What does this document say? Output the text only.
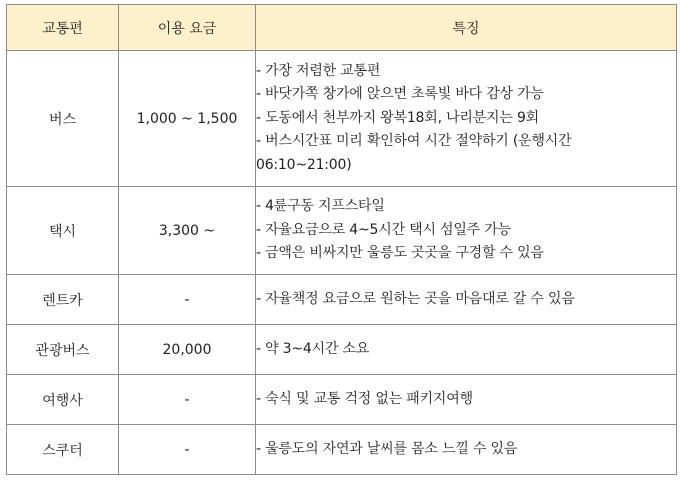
교통편	이용 요금	특징
버스	1,000 ~ 1,500	- 가장 저렴한 교통편
- 바닷가쪽 창가에 앉으면 초록빛 바다 감상 가능
- 도동에서 천부까지 왕복18회, 나리분지는 9회
- 버스시간표 미리 확인하여 시간 절약하기 (운행시간
06:10~21:00)

택시	3,300 ~	- 4륜구동 지프스타일
- 자율요금으로 4~5시간 택시 섬일주 가능
- 금액은 비싸지만 울릉도 곳곳을 구경할 수 있음

렌트카	-	- 자율책정 요금으로 원하는 곳을 마음대로 갈 수 있음

관광버스	20,000	- 약 3~4시간 소요

여행사	-	- 숙식 및 교통 걱정 없는 패키지여행

스쿠터	-	- 울릉도의 자연과 날씨를 몸소 느낄 수 있음
